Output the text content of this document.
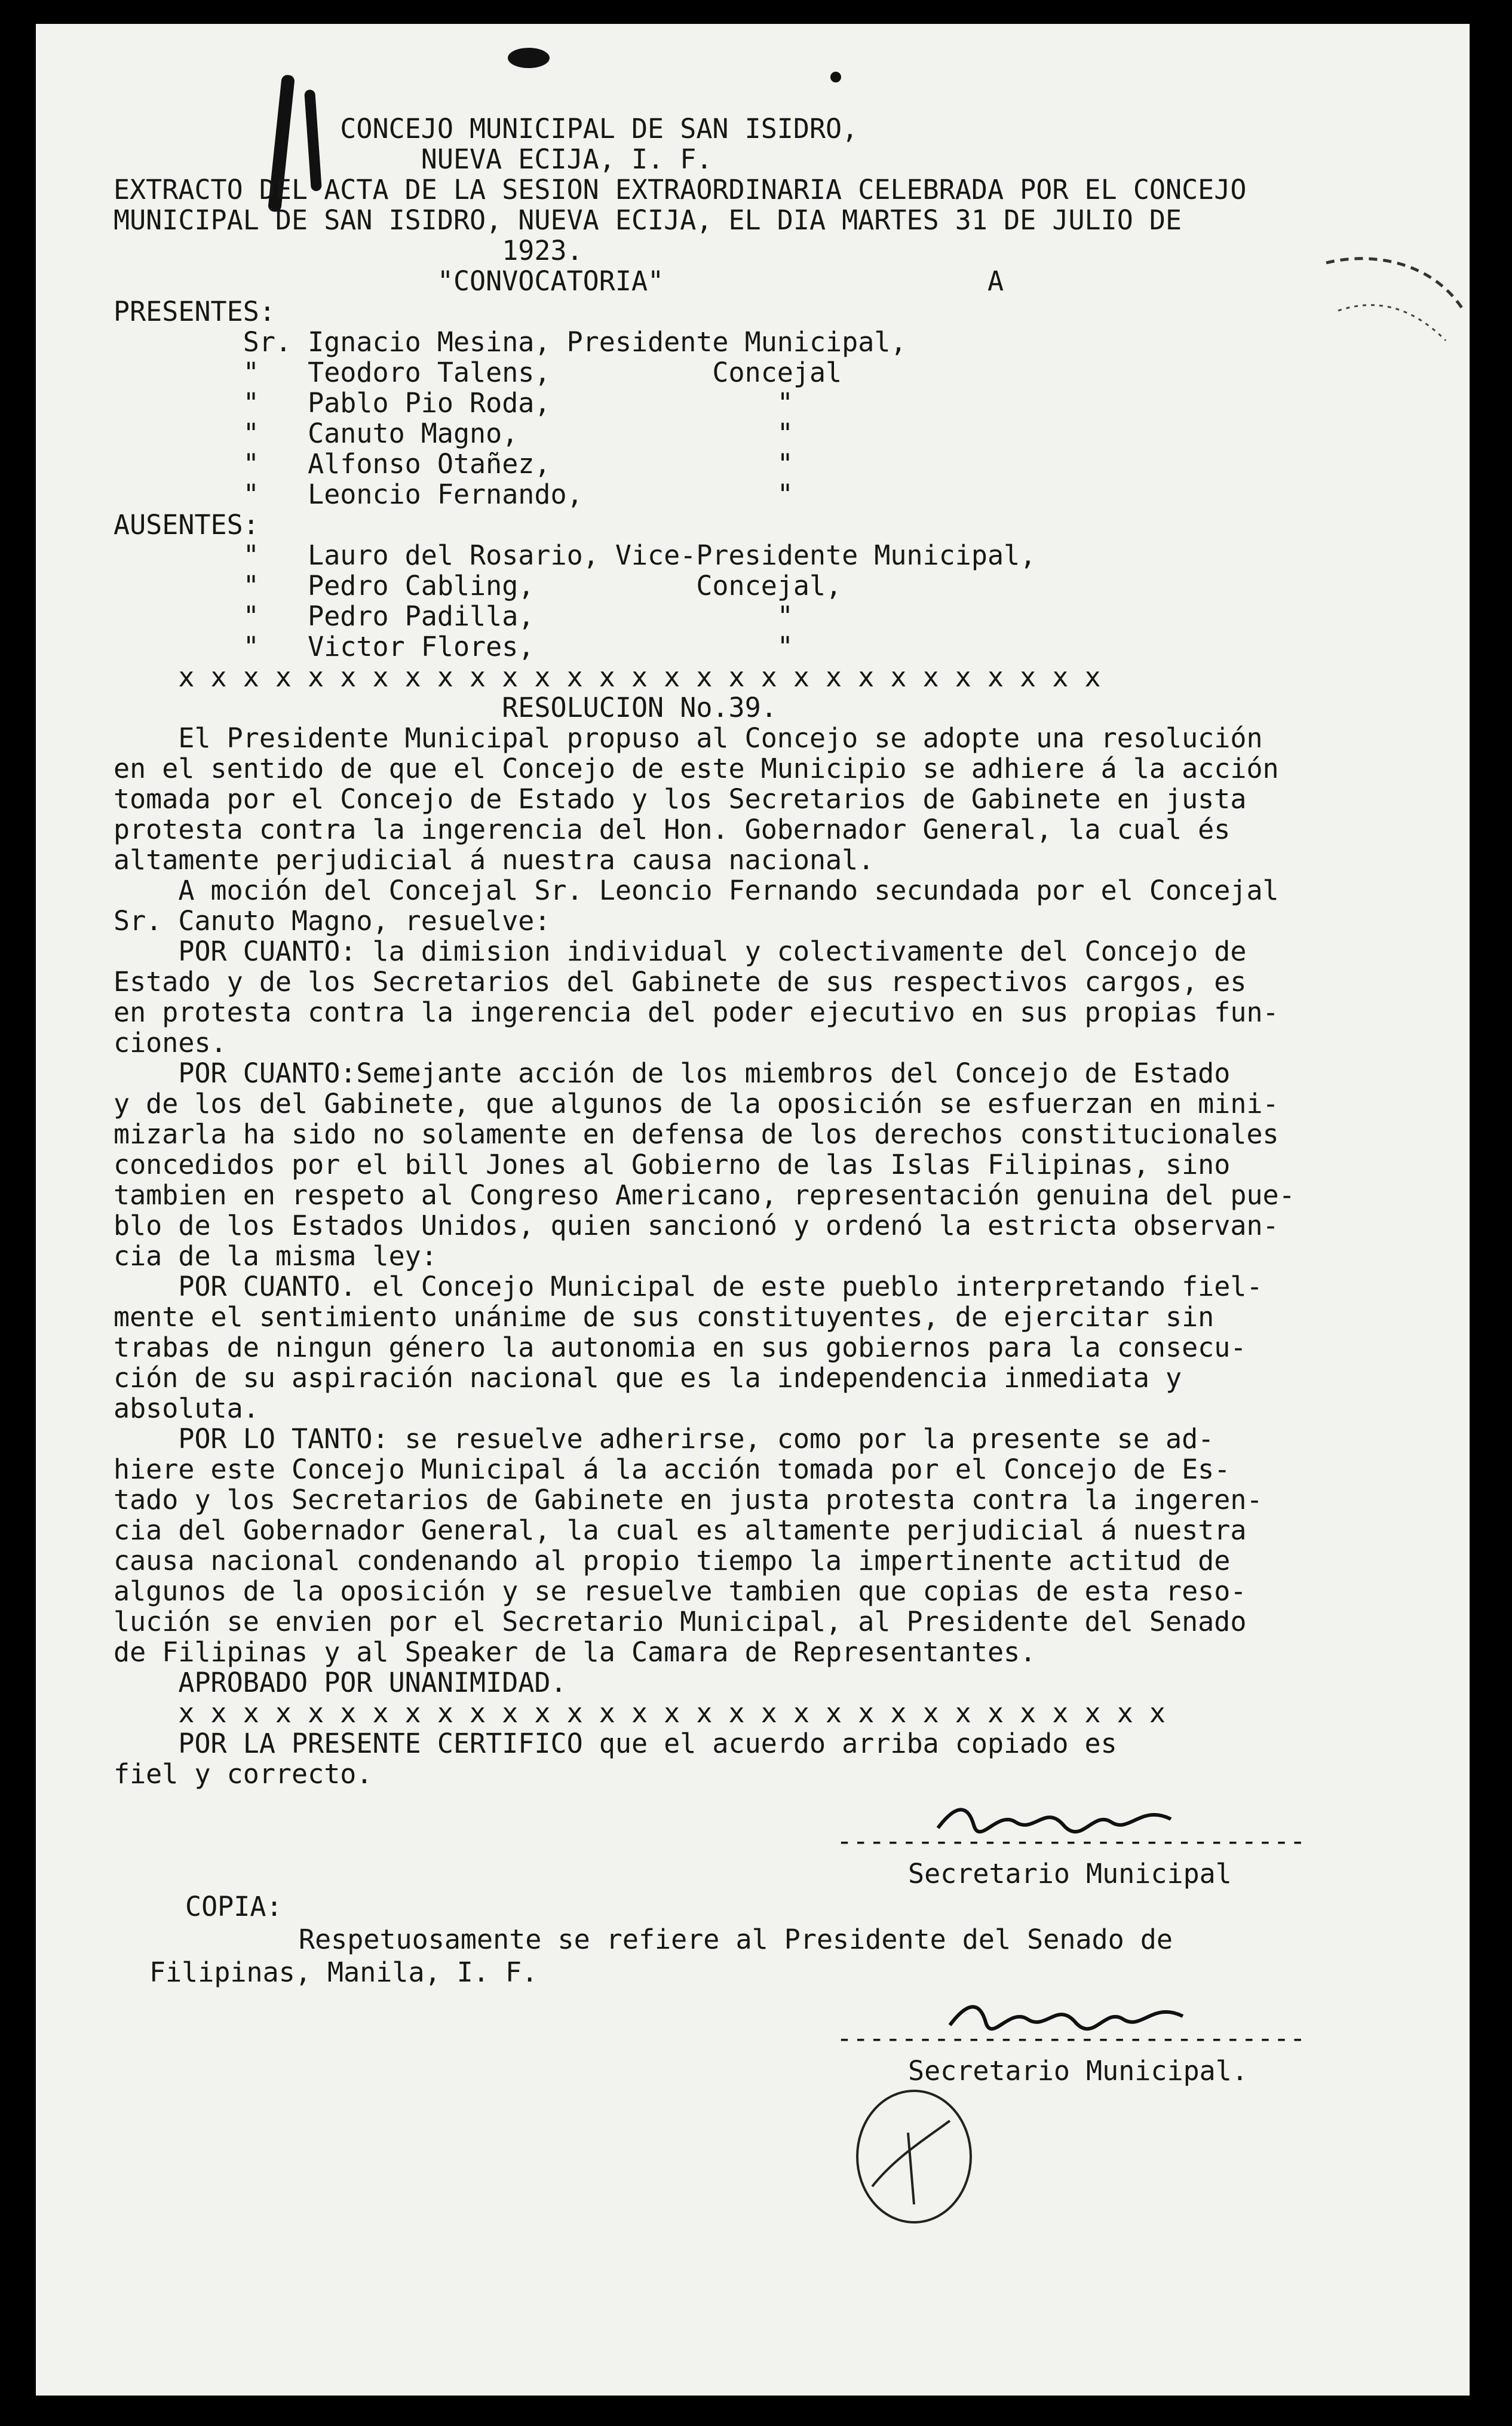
CONCEJO MUNICIPAL DE SAN ISIDRO,
NUEVA ECIJA, I. F.
EXTRACTO DEL ACTA DE LA SESION EXTRAORDINARIA CELEBRADA POR EL CONCEJO
MUNICIPAL DE SAN ISIDRO, NUEVA ECIJA, EL DIA MARTES 31 DE JULIO DE
1923.
"CONVOCATORIA"                    A
PRESENTES:
Sr. Ignacio Mesina, Presidente Municipal,
"   Teodoro Talens,          Concejal
"   Pablo Pio Roda,              "
"   Canuto Magno,                "
"   Alfonso Otañez,              "
"   Leoncio Fernando,            "
AUSENTES:
"   Lauro del Rosario, Vice-Presidente Municipal,
"   Pedro Cabling,          Concejal,
"   Pedro Padilla,               "
"   Victor Flores,               "
x x x x x x x x x x x x x x x x x x x x x x x x x x x x x
RESOLUCION No.39.
El Presidente Municipal propuso al Concejo se adopte una resolución
en el sentido de que el Concejo de este Municipio se adhiere á la acción
tomada por el Concejo de Estado y los Secretarios de Gabinete en justa
protesta contra la ingerencia del Hon. Gobernador General, la cual és
altamente perjudicial á nuestra causa nacional.
A moción del Concejal Sr. Leoncio Fernando secundada por el Concejal
Sr. Canuto Magno, resuelve:
POR CUANTO: la dimision individual y colectivamente del Concejo de
Estado y de los Secretarios del Gabinete de sus respectivos cargos, es
en protesta contra la ingerencia del poder ejecutivo en sus propias fun-
ciones.
POR CUANTO:Semejante acción de los miembros del Concejo de Estado
y de los del Gabinete, que algunos de la oposición se esfuerzan en mini-
mizarla ha sido no solamente en defensa de los derechos constitucionales
concedidos por el bill Jones al Gobierno de las Islas Filipinas, sino
tambien en respeto al Congreso Americano, representación genuina del pue-
blo de los Estados Unidos, quien sancionó y ordenó la estricta observan-
cia de la misma ley:
POR CUANTO. el Concejo Municipal de este pueblo interpretando fiel-
mente el sentimiento unánime de sus constituyentes, de ejercitar sin
trabas de ningun género la autonomia en sus gobiernos para la consecu-
ción de su aspiración nacional que es la independencia inmediata y
absoluta.
POR LO TANTO: se resuelve adherirse, como por la presente se ad-
hiere este Concejo Municipal á la acción tomada por el Concejo de Es-
tado y los Secretarios de Gabinete en justa protesta contra la ingeren-
cia del Gobernador General, la cual es altamente perjudicial á nuestra
causa nacional condenando al propio tiempo la impertinente actitud de
algunos de la oposición y se resuelve tambien que copias de esta reso-
lución se envien por el Secretario Municipal, al Presidente del Senado
de Filipinas y al Speaker de la Camara de Representantes.
APROBADO POR UNANIMIDAD.
x x x x x x x x x x x x x x x x x x x x x x x x x x x x x x x
POR LA PRESENTE CERTIFICO que el acuerdo arriba copiado es
fiel y correcto.
-----------------------------
Secretario Municipal
COPIA:
Respetuosamente se refiere al Presidente del Senado de
Filipinas, Manila, I. F.
-----------------------------
Secretario Municipal.
